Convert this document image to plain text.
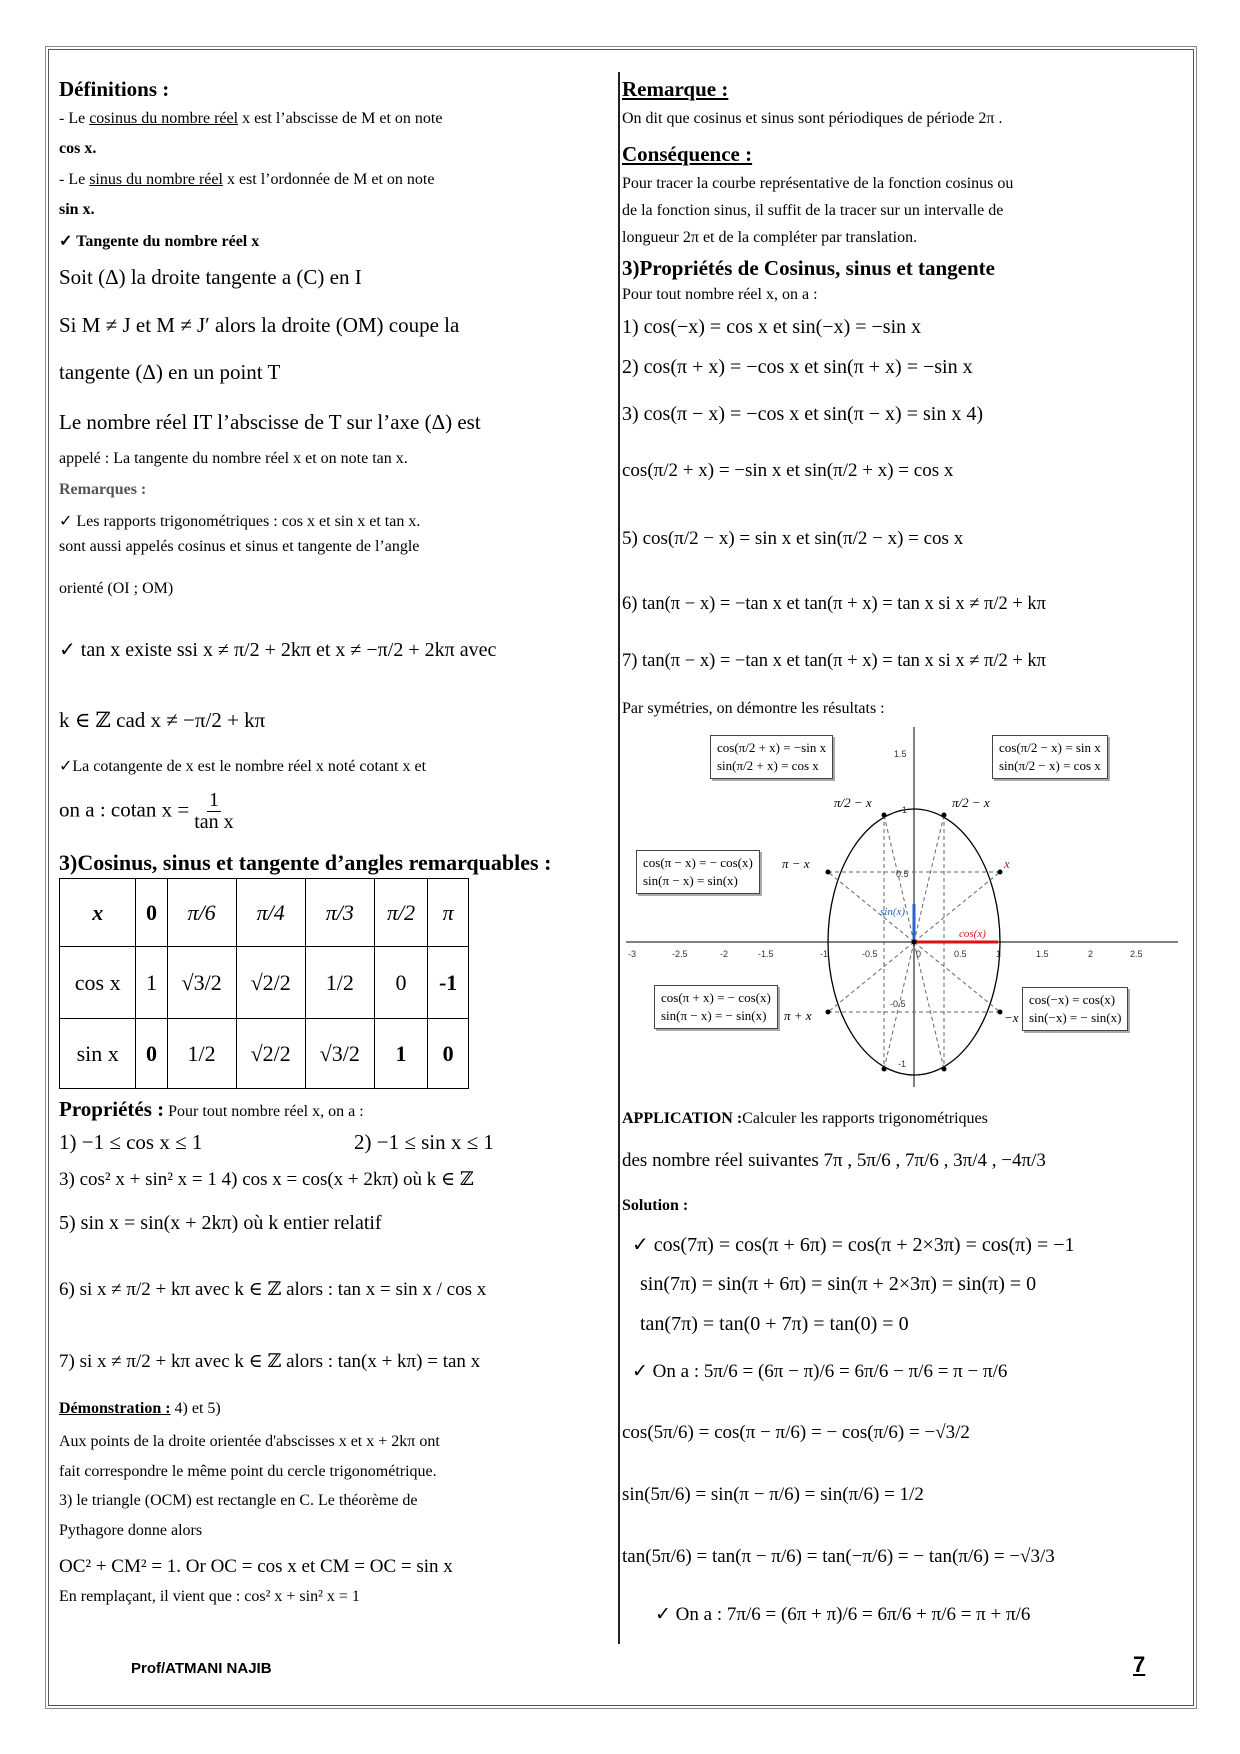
Définitions :
- Le cosinus du nombre réel x est l’abscisse de M et on note
cos x.
- Le sinus du nombre réel x est l’ordonnée de M et on note
sin x.
✓ Tangente du nombre réel x
Soit (Δ) la droite tangente a (C) en I
Si M ≠ J et M ≠ J′ alors la droite (OM) coupe la
tangente (Δ) en un point T
Le nombre réel IT l’abscisse de T sur l’axe (Δ) est
appelé : La tangente du nombre réel x et on note tan x.
Remarques :
✓ Les rapports trigonométriques : cos x et sin x et tan x.
sont aussi appelés cosinus et sinus et tangente de l’angle
orienté (OI ; OM)
✓ tan x existe ssi x ≠ π/2 + 2kπ et x ≠ −π/2 + 2kπ avec
k ∈ ℤ cad x ≠ −π/2 + kπ
✓La cotangente de x est le nombre réel x noté cotant x et
on a : cotan $x = \frac{1}{\text{tan x}}$
3)Cosinus, sinus et tangente d’angles remarquables :
x	0	π/6	π/4	π/3	π/2	π
cos x	1	√3/2	√2/2	1/2	0	-1
sin x	0	1/2	√2/2	√3/2	1	0
Propriétés : Pour tout nombre réel x, on a :
1) −1 ≤ cos x ≤ 1	2) −1 ≤ sin x ≤ 1
3) cos² x + sin² x = 1 4) cos x = cos(x + 2kπ) où k ∈ ℤ
5) sin x = sin(x + 2kπ) où k entier relatif
6) si x ≠ π/2 + kπ avec k ∈ ℤ alors : tan x = sin x / cos x
7) si x ≠ π/2 + kπ avec k ∈ ℤ alors : tan(x + kπ) = tan x
Démonstration : 4) et 5)
Aux points de la droite orientée d'abscisses x et x + 2kπ ont
fait correspondre le même point du cercle trigonométrique.
3) le triangle (OCM) est rectangle en C. Le théorème de
Pythagore donne alors
OC² + CM² = 1. Or OC = cos x et CM = OC = sin x
En remplaçant, il vient que : cos² x + sin² x = 1
Remarque :
On dit que cosinus et sinus sont périodiques de période 2π .
Conséquence :
Pour tracer la courbe représentative de la fonction cosinus ou
de la fonction sinus, il suffit de la tracer sur un intervalle de
longueur 2π et de la compléter par translation.
3)Propriétés de Cosinus, sinus et tangente
Pour tout nombre réel x, on a :
1) cos(−x) = cos x et sin(−x) = −sin x
2) cos(π + x) = −cos x et sin(π + x) = −sin x
3) cos(π − x) = −cos x et sin(π − x) = sin x 4)
cos(π/2 + x) = −sin x et sin(π/2 + x) = cos x
5) cos(π/2 − x) = sin x et sin(π/2 − x) = cos x
6) tan(π − x) = −tan x et tan(π + x) = tan x si x ≠ π/2 + kπ
7) tan(π − x) = −tan x et tan(π + x) = tan x si x ≠ π/2 + kπ
Par symétries, on démontre les résultats :
-3	-2.5	-2	-1.5	-1	-0.5	0	0.5	1	1.5	2	2.5
1.5
1
0.5
-0.5
-1
π/2 − x	π/2 − x
π − x
π + x
x
−x
sin(x)
cos(x)
cos(π/2 + x) = −sin x
sin(π/2 + x) = cos x
cos(π/2 − x) = sin x
sin(π/2 − x) = cos x
cos(π − x) = − cos(x)
sin(π − x) = sin(x)
cos(π + x) = − cos(x)
sin(π − x) = − sin(x)
cos(−x) = cos(x)
sin(−x) = − sin(x)
APPLICATION :Calculer les rapports trigonométriques
des nombre réel suivantes 7π , 5π/6 , 7π/6 , 3π/4 , −4π/3
Solution :
✓ cos(7π) = cos(π + 6π) = cos(π + 2×3π) = cos(π) = −1
sin(7π) = sin(π + 6π) = sin(π + 2×3π) = sin(π) = 0
tan(7π) = tan(0 + 7π) = tan(0) = 0
✓ On a : 5π/6 = (6π − π)/6 = 6π/6 − π/6 = π − π/6
cos(5π/6) = cos(π − π/6) = − cos(π/6) = −√3/2
sin(5π/6) = sin(π − π/6) = sin(π/6) = 1/2
tan(5π/6) = tan(π − π/6) = tan(−π/6) = − tan(π/6) = −√3/3
✓ On a : 7π/6 = (6π + π)/6 = 6π/6 + π/6 = π + π/6
Prof/ATMANI NAJIB	7
